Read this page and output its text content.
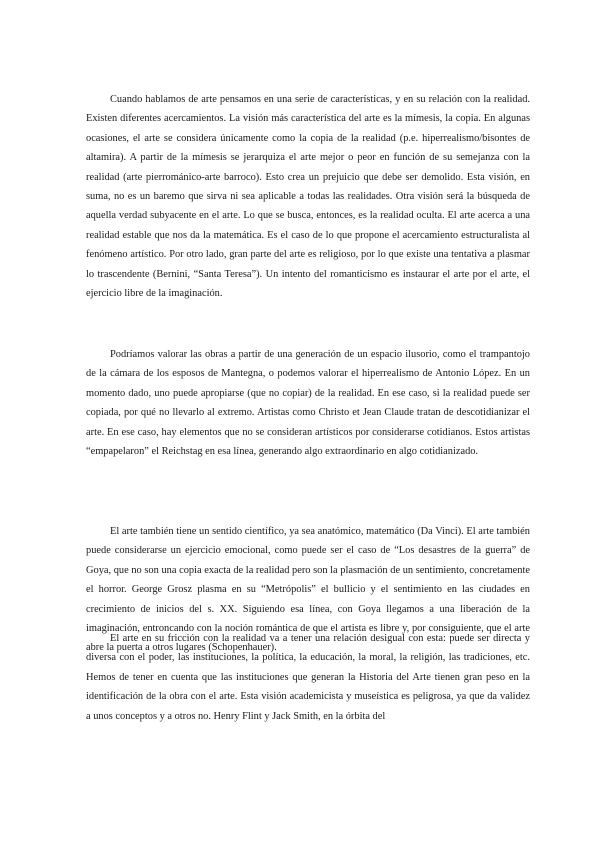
Cuando hablamos de arte pensamos en una serie de características, y en su relación con la realidad. Existen diferentes acercamientos. La visión más característica del arte es la mímesis, la copia. En algunas ocasiones, el arte se considera únicamente como la copia de la realidad (p.e. hiperrealismo/bisontes de altamira). A partir de la mímesis se jerarquiza el arte mejor o peor en función de su semejanza con la realidad (arte pierromániсo-arte barroco). Esto crea un prejuicio que debe ser demolido. Esta visión, en suma, no es un baremo que sirva ni sea aplicable a todas las realidades. Otra visión será la búsqueda de aquella verdad subyacente en el arte. Lo que se busca, entonces, es la realidad oculta. El arte acerca a una realidad estable que nos da la matemática. Es el caso de lo que propone el acercamiento estructuralista al fenómeno artístico. Por otro lado, gran parte del arte es religioso, por lo que existe una tentativa a plasmar lo trascendente (Bernini, “Santa Teresa”). Un intento del romanticismo es instaurar el arte por el arte, el ejercicio libre de la imaginación.

Podríamos valorar las obras a partir de una generación de un espacio ilusorio, como el trampantojo de la cámara de los esposos de Mantegna, o podemos valorar el hiperrealismo de Antonio López. En un momento dado, uno puede apropiarse (que no copiar) de la realidad. En ese caso, si la realidad puede ser copiada, por qué no llevarlo al extremo. Artistas como Christo et Jean Claude tratan de descotidianizar el arte. En ese caso, hay elementos que no se consideran artísticos por considerarse cotidianos. Estos artistas “empapelaron” el Reichstag en esa línea, generando algo extraordinario en algo cotidianizado.

El arte también tiene un sentido científico, ya sea anatómico, matemático (Da Vinci). El arte también puede considerarse un ejercicio emocional, como puede ser el caso de “Los desastres de la guerra” de Goya, que no son una copia exacta de la realidad pero son la plasmación de un sentimiento, concretamente el horror. George Grosz plasma en su “Metrópolis” el bullicio y el sentimiento en las ciudades en crecimiento de inicios del s. XX. Siguiendo esa línea, con Goya llegamos a una liberación de la imaginación, entroncando con la noción romántica de que el artista es libre y, por consiguiente, que el arte abre la puerta a otros lugares (Schopenhauer).

El arte en su fricción con la realidad va a tener una relación desigual con esta: puede ser directa y diversa con el poder, las instituciones, la política, la educación, la moral, la religión, las tradiciones, etc. Hemos de tener en cuenta que las instituciones que generan la Historia del Arte tienen gran peso en la identificación de la obra con el arte. Esta visión academicista y museística es peligrosa, ya que da validez a unos conceptos y a otros no. Henry Flint y Jack Smith, en la órbita del
